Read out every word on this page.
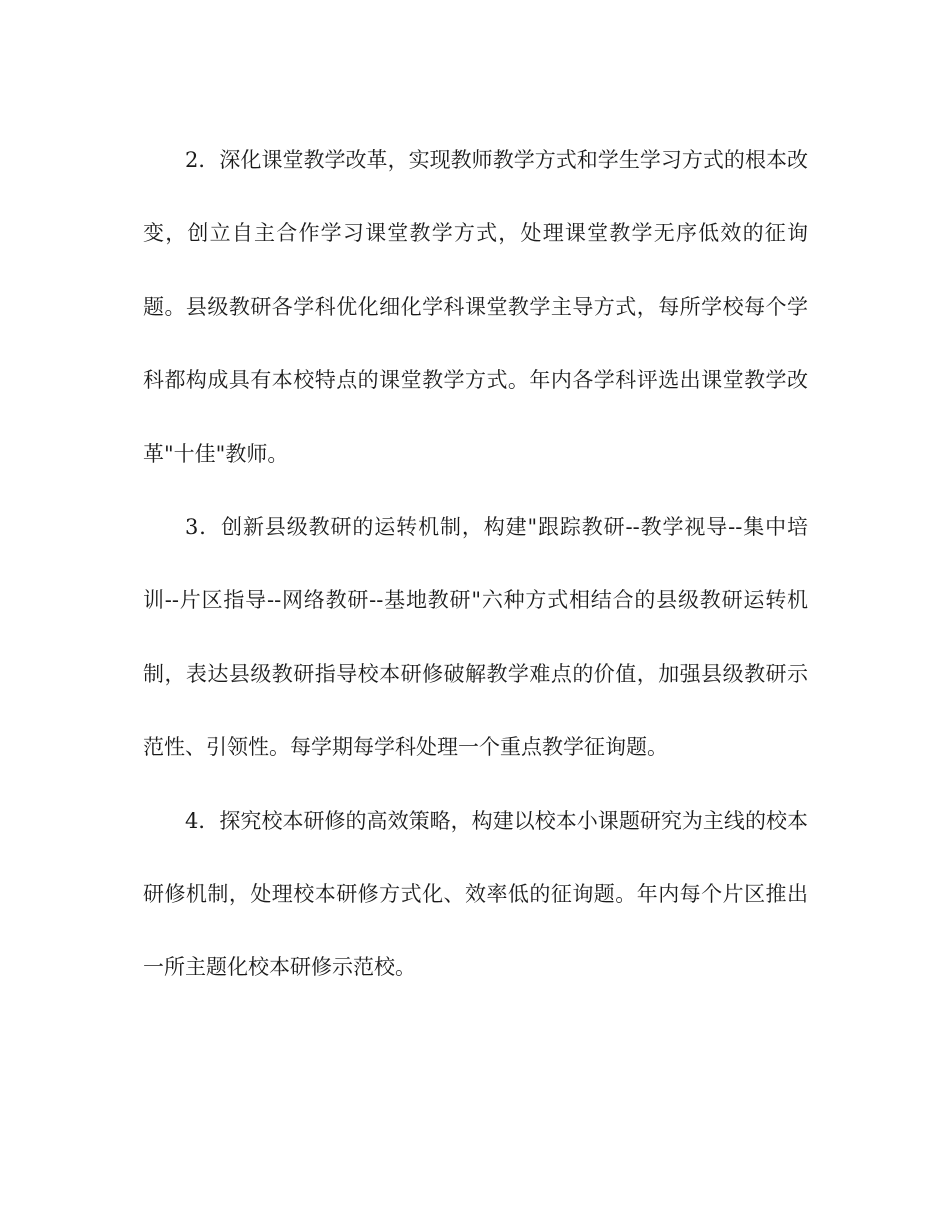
2．深化课堂教学改革，实现教师教学方式和学生学习方式的根本改变，创立自主合作学习课堂教学方式，处理课堂教学无序低效的征询题。县级教研各学科优化细化学科课堂教学主导方式，每所学校每个学科都构成具有本校特点的课堂教学方式。年内各学科评选出课堂教学改革"十佳"教师。

3．创新县级教研的运转机制，构建"跟踪教研--教学视导--集中培训--片区指导--网络教研--基地教研"六种方式相结合的县级教研运转机制，表达县级教研指导校本研修破解教学难点的价值，加强县级教研示范性、引领性。每学期每学科处理一个重点教学征询题。

4．探究校本研修的高效策略，构建以校本小课题研究为主线的校本研修机制，处理校本研修方式化、效率低的征询题。年内每个片区推出一所主题化校本研修示范校。
